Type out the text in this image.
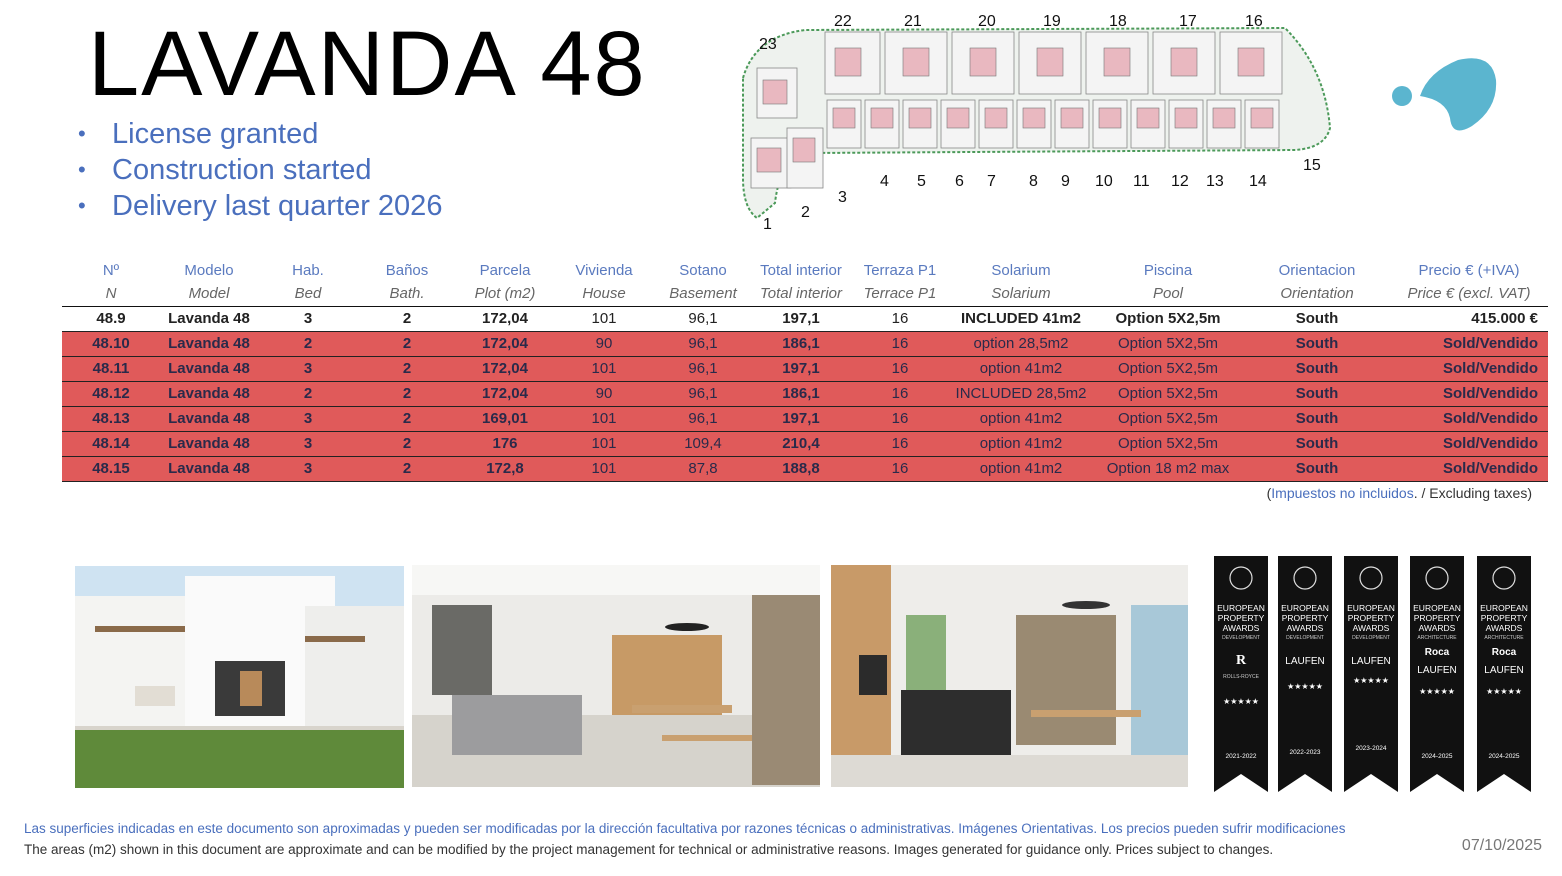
LAVANDA 48
• License granted
• Construction started
• Delivery last quarter 2026
23
22	21	20	19	18	17	16
1
2
3
4 5 6 7 8 9 10 11 12 13 14
15
Nº	Modelo	Hab.	Baños	Parcela	Vivienda	Sotano	Total interior	Terraza P1	Solarium	Piscina	Orientacion	Precio € (+IVA)
N	Model	Bed	Bath.	Plot (m2)	House	Basement	Total interior	Terrace P1	Solarium	Pool	Orientation	Price € (excl. VAT)
48.9	Lavanda 48	3	2	172,04	101	96,1	197,1	16	INCLUDED 41m2	Option 5X2,5m	South	415.000 €
48.10	Lavanda 48	2	2	172,04	90	96,1	186,1	16	option 28,5m2	Option 5X2,5m	South	Sold/Vendido
48.11	Lavanda 48	3	2	172,04	101	96,1	197,1	16	option 41m2	Option 5X2,5m	South	Sold/Vendido
48.12	Lavanda 48	2	2	172,04	90	96,1	186,1	16	INCLUDED 28,5m2	Option 5X2,5m	South	Sold/Vendido
48.13	Lavanda 48	3	2	169,01	101	96,1	197,1	16	option 41m2	Option 5X2,5m	South	Sold/Vendido
48.14	Lavanda 48	3	2	176	101	109,4	210,4	16	option 41m2	Option 5X2,5m	South	Sold/Vendido
48.15	Lavanda 48	3	2	172,8	101	87,8	188,8	16	option 41m2	Option 18 m2 max	South	Sold/Vendido
(Impuestos no incluidos. / Excluding taxes)
EUROPEAN
PROPERTY
AWARDS
DEVELOPMENT
R
ROLLS-ROYCE
★★★★★
2021-2022
EUROPEAN
PROPERTY
AWARDS
DEVELOPMENT
LAUFEN
★★★★★
2022-2023
EUROPEAN
PROPERTY
AWARDS
DEVELOPMENT
LAUFEN
★★★★★
2023-2024
EUROPEAN
PROPERTY
AWARDS
ARCHITECTURE
Roca
LAUFEN
★★★★★
2024-2025
EUROPEAN
PROPERTY
AWARDS
ARCHITECTURE
Roca
LAUFEN
★★★★★
2024-2025
Las superficies indicadas en este documento son aproximadas y pueden ser modificadas por la dirección facultativa por razones técnicas o administrativas. Imágenes Orientativas. Los precios pueden sufrir modificaciones
The areas (m2) shown in this document are approximate and can be modified by the project management for technical or administrative reasons. Images generated for guidance only. Prices subject to changes.	07/10/2025
